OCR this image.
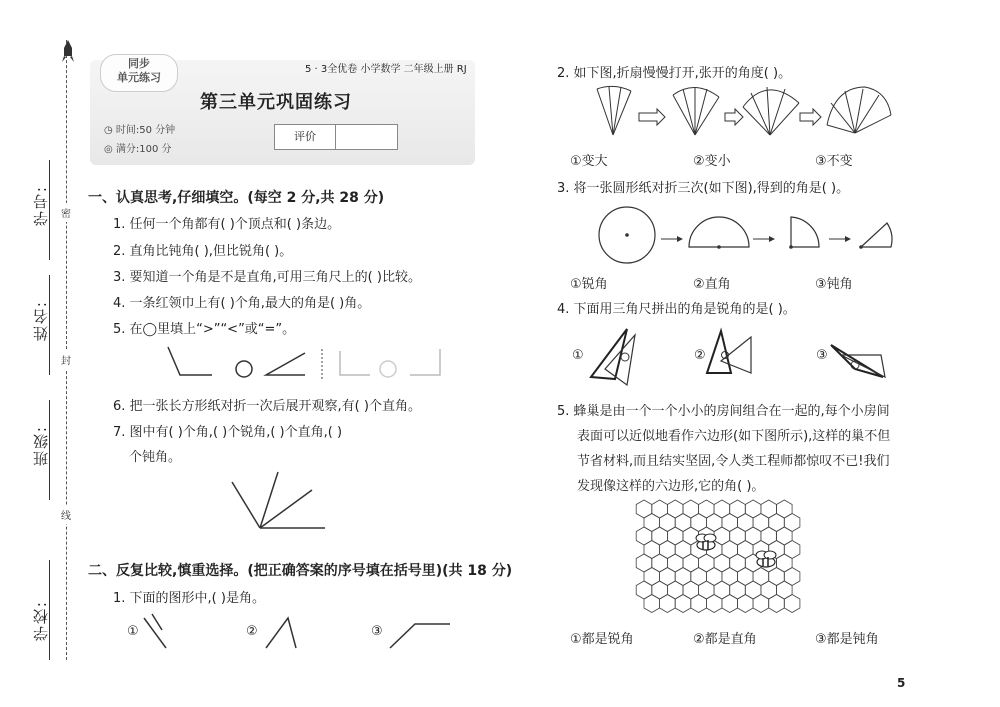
学号:
姓名:
班级:
学校:
密
封
线
同步
单元练习
5 · 3全优卷 小学数学 二年级上册 RJ
第三单元巩固练习
◷ 时间:50 分钟
◎ 满分:100 分
评价
一、认真思考,仔细填空。(每空 2 分,共 28 分)
1. 任何一个角都有( )个顶点和( )条边。
2. 直角比钝角( ),但比锐角( )。
3. 要知道一个角是不是直角,可用三角尺上的( )比较。
4. 一条红领巾上有( )个角,最大的角是( )角。
5. 在◯里填上“>”“<”或“=”。
6. 把一张长方形纸对折一次后展开观察,有( )个直角。
7. 图中有( )个角,( )个锐角,( )个直角,( )
个钝角。
二、反复比较,慎重选择。(把正确答案的序号填在括号里)(共 18 分)
1. 下面的图形中,( )是角。
①	②	③
2. 如下图,折扇慢慢打开,张开的角度( )。
①变大	②变小	③不变
3. 将一张圆形纸对折三次(如下图),得到的角是( )。
①锐角	②直角	③钝角
4. 下面用三角尺拼出的角是锐角的是( )。
①	②	③
5. 蜂巢是由一个一个小小的房间组合在一起的,每个小房间
表面可以近似地看作六边形(如下图所示),这样的巢不但
节省材料,而且结实坚固,令人类工程师都惊叹不已!我们
发现像这样的六边形,它的角( )。
①都是锐角	②都是直角	③都是钝角
5
